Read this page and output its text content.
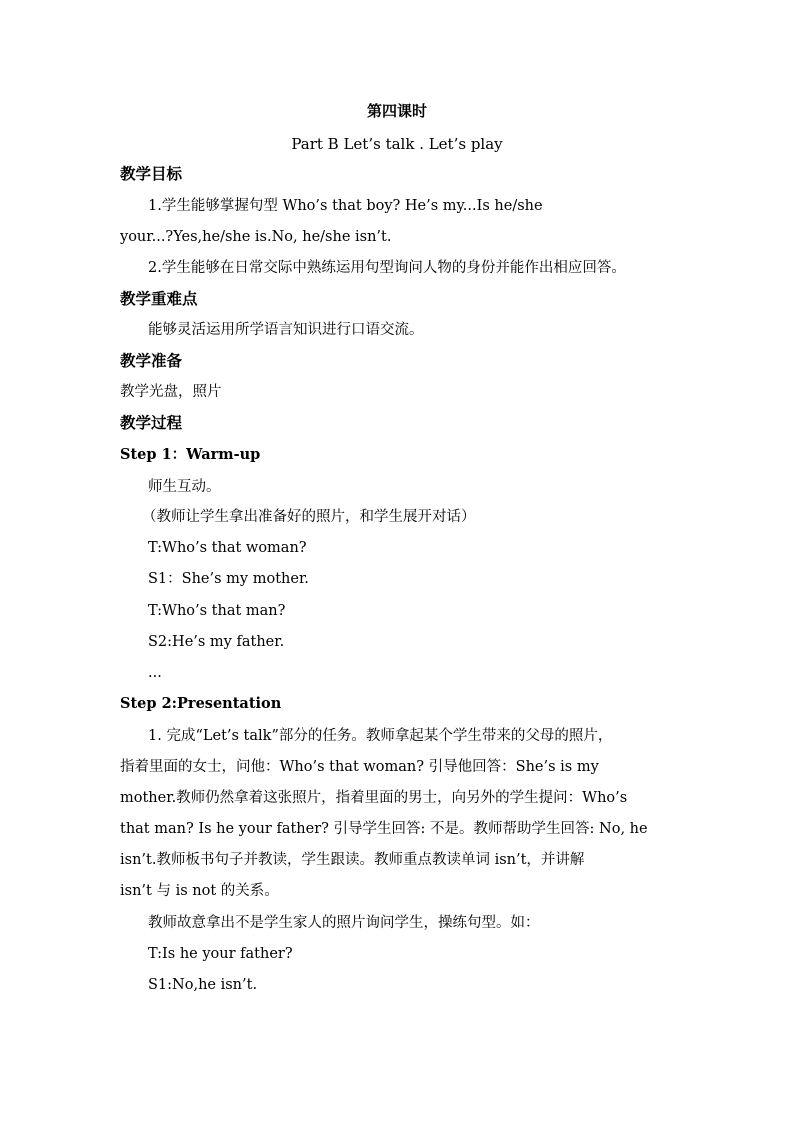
第四课时
Part B Let’s talk . Let’s play
教学目标
1.学生能够掌握句型 Who’s that boy? He’s my...Is he/she
your...?Yes,he/she is.No, he/she isn’t.
2.学生能够在日常交际中熟练运用句型询问人物的身份并能作出相应回答。
教学重难点
能够灵活运用所学语言知识进行口语交流。
教学准备
教学光盘，照片
教学过程
Step 1：Warm-up
师生互动。
（教师让学生拿出准备好的照片，和学生展开对话）
T:Who’s that woman?
S1：She’s my mother.
T:Who’s that man?
S2:He’s my father.
...
Step 2:Presentation
1. 完成“Let’s talk”部分的任务。教师拿起某个学生带来的父母的照片，
指着里面的女士，问他：Who’s that woman? 引导他回答：She’s is my
mother.教师仍然拿着这张照片，指着里面的男士，向另外的学生提问：Who’s
that man? Is he your father? 引导学生回答: 不是。教师帮助学生回答: No, he
isn’t.教师板书句子并教读，学生跟读。教师重点教读单词 isn’t，并讲解
isn’t 与 is not 的关系。
教师故意拿出不是学生家人的照片询问学生，操练句型。如：
T:Is he your father?
S1:No,he isn’t.
